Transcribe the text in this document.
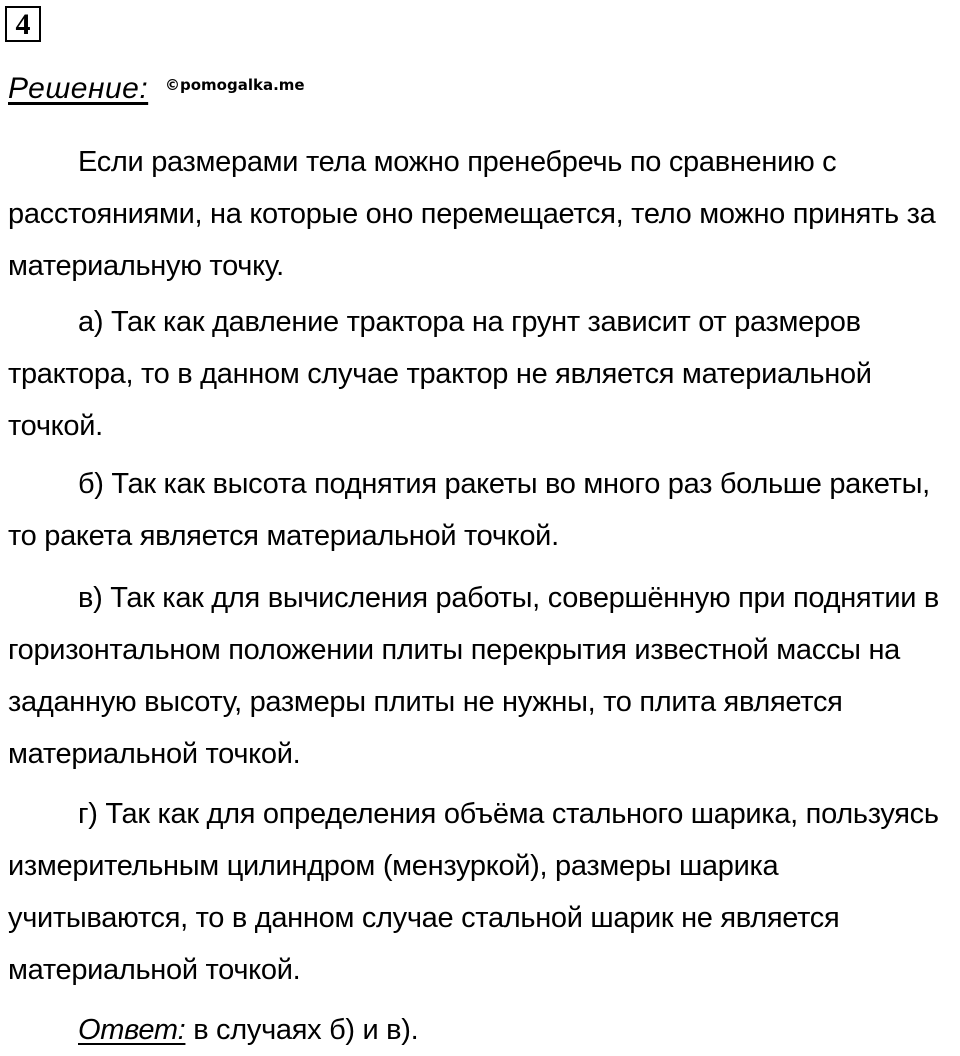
4
Решение: ©pomogalka.me

Если размерами тела можно пренебречь по сравнению с расстояниями, на которые оно перемещается, тело можно принять за материальную точку.

а) Так как давление трактора на грунт зависит от размеров трактора, то в данном случае трактор не является материальной точкой.

б) Так как высота поднятия ракеты во много раз больше ракеты, то ракета является материальной точкой.

в) Так как для вычисления работы, совершённую при поднятии в горизонтальном положении плиты перекрытия известной массы на заданную высоту, размеры плиты не нужны, то плита является материальной точкой.

г) Так как для определения объёма стального шарика, пользуясь измерительным цилиндром (мензуркой), размеры шарика учитываются, то в данном случае стальной шарик не является материальной точкой.

Ответ: в случаях б) и в).
